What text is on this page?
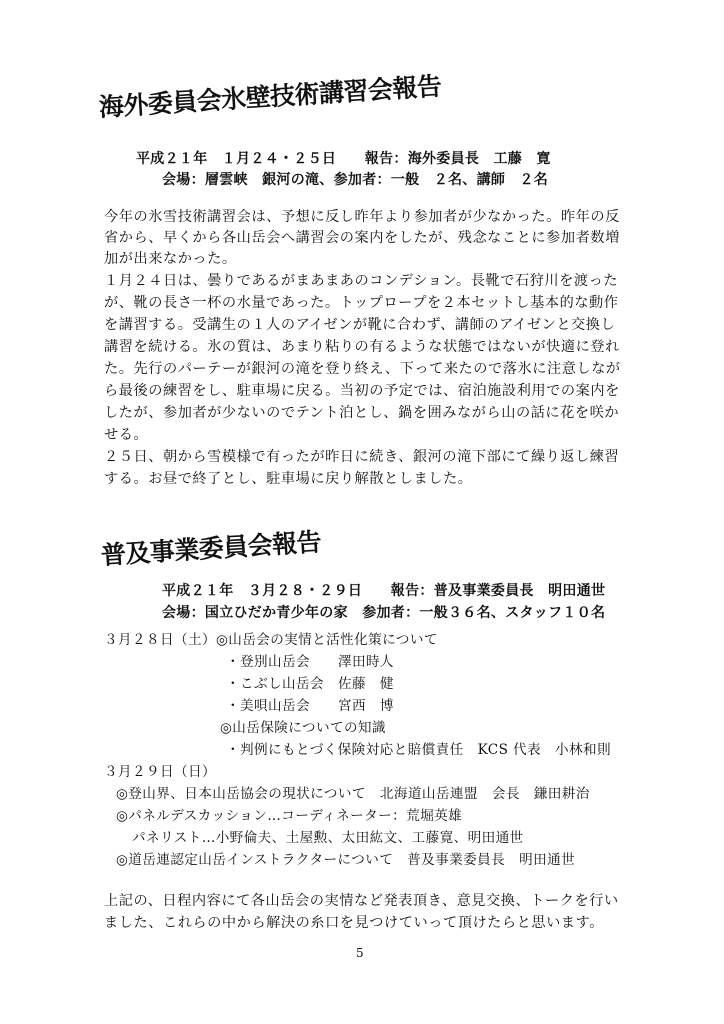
海外委員会氷壁技術講習会報告
平成２１年　１月２４・２５日　　報告：海外委員長　工藤　寛
会場：層雲峡　銀河の滝、参加者：一般　２名、講師　２名
今年の氷雪技術講習会は、予想に反し昨年より参加者が少なかった。昨年の反
省から、早くから各山岳会へ講習会の案内をしたが、残念なことに参加者数増
加が出来なかった。
１月２４日は、曇りであるがまあまあのコンデション。長靴で石狩川を渡った
が、靴の長さ一杯の水量であった。トップロープを２本セットし基本的な動作
を講習する。受講生の１人のアイゼンが靴に合わず、講師のアイゼンと交換し
講習を続ける。氷の質は、あまり粘りの有るような状態ではないが快適に登れ
た。先行のパーテーが銀河の滝を登り終え、下って来たので落氷に注意しなが
ら最後の練習をし、駐車場に戻る。当初の予定では、宿泊施設利用での案内を
したが、参加者が少ないのでテント泊とし、鍋を囲みながら山の話に花を咲か
せる。
２５日、朝から雪模様で有ったが昨日に続き、銀河の滝下部にて繰り返し練習
する。お昼で終了とし、駐車場に戻り解散としました。
普及事業委員会報告
平成２１年　３月２８・２９日　　報告：普及事業委員長　明田通世
会場：国立ひだか青少年の家　参加者：一般３６名、スタッフ１０名
３月２８日（土）◎山岳会の実情と活性化策について
・登別山岳会　　澤田時人
・こぶし山岳会　佐藤　健
・美唄山岳会　　宮西　博
◎山岳保険についての知識
・判例にもとづく保険対応と賠償責任　KCS 代表　小林和則
３月２９日（日）
◎登山界、日本山岳協会の現状について　北海道山岳連盟　会長　鎌田耕治
◎パネルデスカッション…コーディネーター：荒堀英雄
パネリスト…小野倫夫、土屋勲、太田紘文、工藤寛、明田通世
◎道岳連認定山岳インストラクターについて　普及事業委員長　明田通世
上記の、日程内容にて各山岳会の実情など発表頂き、意見交換、トークを行い
ました、これらの中から解決の糸口を見つけていって頂けたらと思います。
5
